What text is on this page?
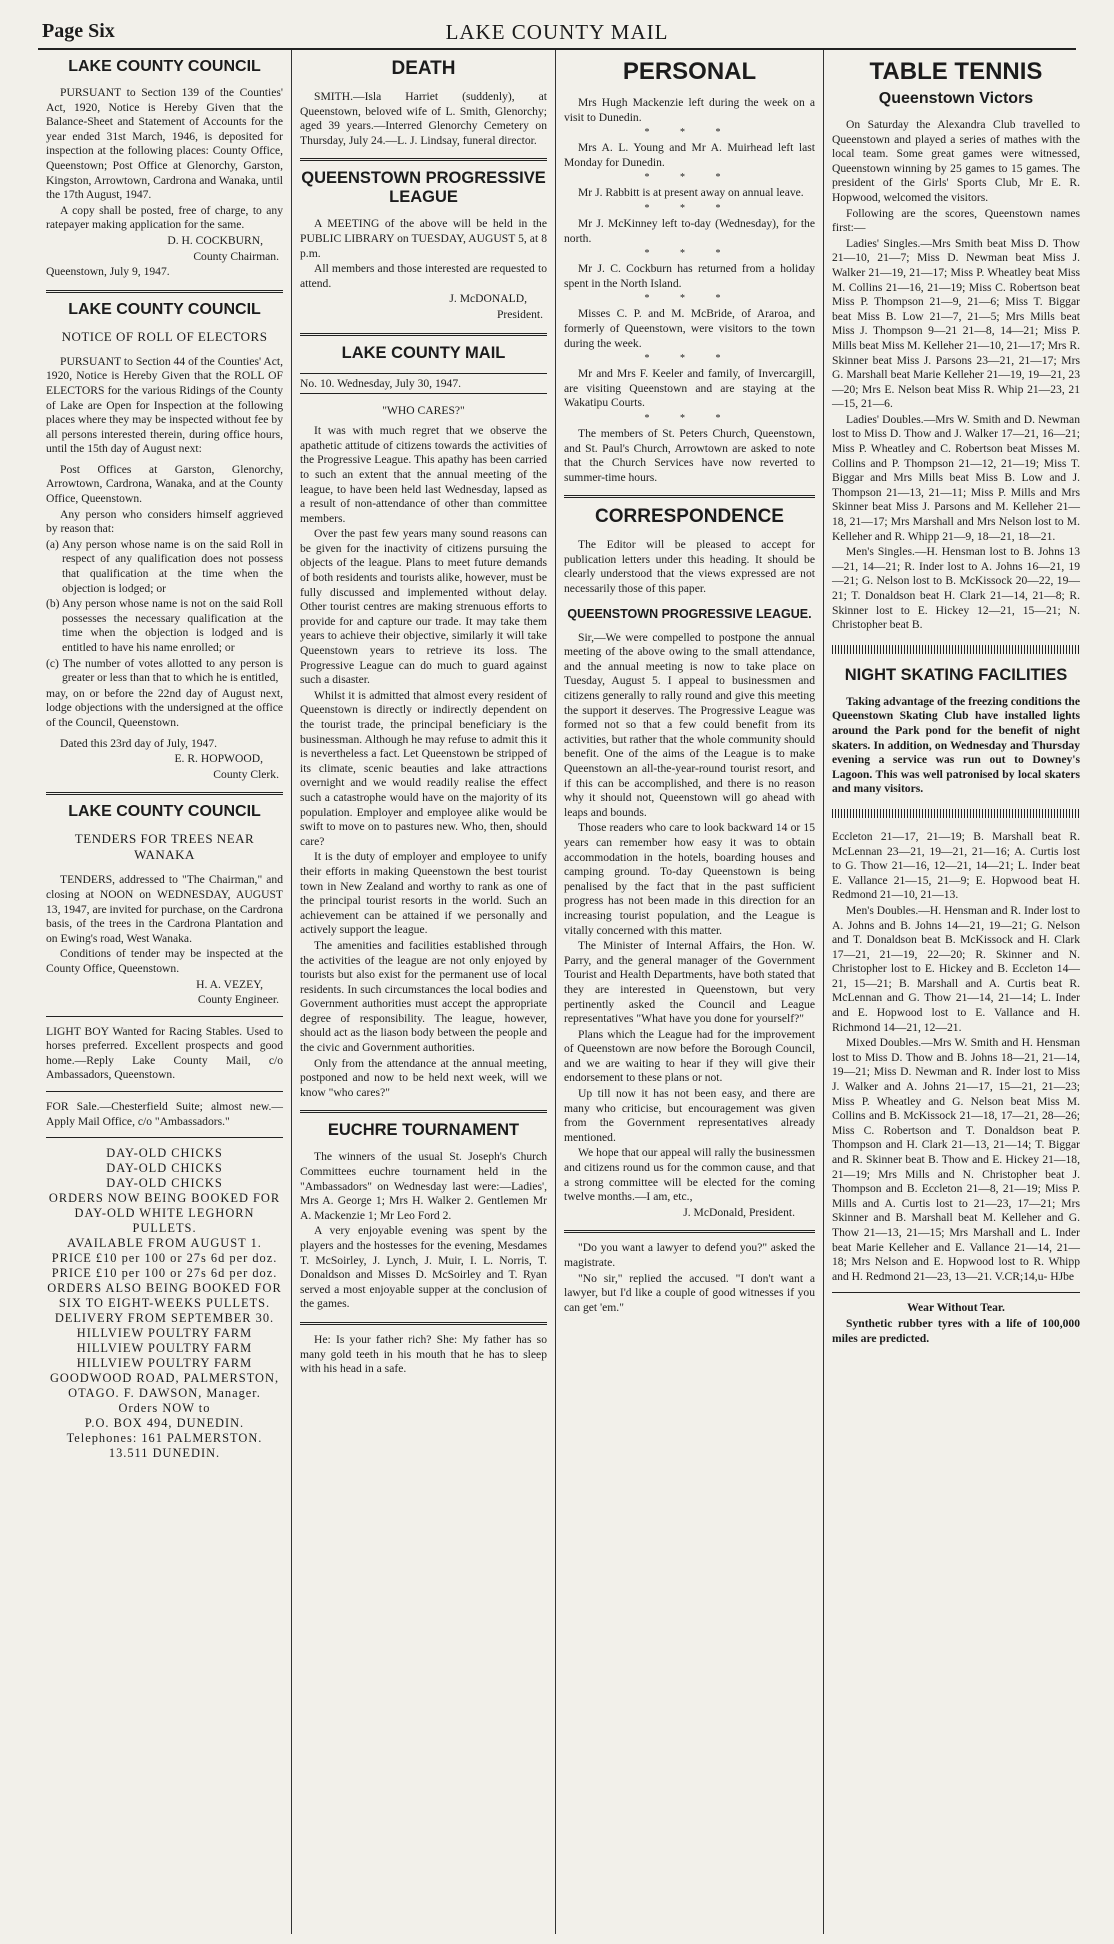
Page Six	LAKE COUNTY MAIL
LAKE COUNTY COUNCIL

PURSUANT to Section 139 of the Counties' Act, 1920, Notice is Hereby Given that the Balance-Sheet and Statement of Accounts for the year ended 31st March, 1946, is deposited for inspection at the following places: County Office, Queenstown; Post Office at Glenorchy, Garston, Kingston, Arrowtown, Cardrona and Wanaka, until the 17th August, 1947.

A copy shall be posted, free of charge, to any ratepayer making application for the same.

D. H. COCKBURN,

County Chairman.

Queenstown, July 9, 1947.

LAKE COUNTY COUNCIL
NOTICE OF ROLL OF ELECTORS

PURSUANT to Section 44 of the Counties' Act, 1920, Notice is Hereby Given that the ROLL OF ELECTORS for the various Ridings of the County of Lake are Open for Inspection at the following places where they may be inspected without fee by all persons interested therein, during office hours, until the 15th day of August next:

Post Offices at Garston, Glenorchy, Arrowtown, Cardrona, Wanaka, and at the County Office, Queenstown.

Any person who considers himself aggrieved by reason that:

(a) Any person whose name is on the said Roll in respect of any qualification does not possess that qualification at the time when the objection is lodged; or

(b) Any person whose name is not on the said Roll possesses the necessary qualification at the time when the objection is lodged and is entitled to have his name enrolled; or

(c) The number of votes allotted to any person is greater or less than that to which he is entitled,

may, on or before the 22nd day of August next, lodge objections with the undersigned at the office of the Council, Queenstown.

Dated this 23rd day of July, 1947.

E. R. HOPWOOD,

County Clerk.

LAKE COUNTY COUNCIL
TENDERS FOR TREES NEAR WANAKA

TENDERS, addressed to "The Chairman," and closing at NOON on WEDNESDAY, AUGUST 13, 1947, are invited for purchase, on the Cardrona basis, of the trees in the Cardrona Plantation and on Ewing's road, West Wanaka.

Conditions of tender may be inspected at the County Office, Queenstown.

H. A. VEZEY,

County Engineer.

LIGHT BOY Wanted for Racing Stables. Used to horses preferred. Excellent prospects and good home.—Reply Lake County Mail, c/o Ambassadors, Queenstown.

FOR Sale.—Chesterfield Suite; almost new.—Apply Mail Office, c/o "Ambassadors."

DAY-OLD CHICKS
DAY-OLD CHICKS
DAY-OLD CHICKS
ORDERS NOW BEING BOOKED FOR
DAY-OLD WHITE LEGHORN
PULLETS.
AVAILABLE FROM AUGUST 1.
PRICE £10 per 100 or 27s 6d per doz.
PRICE £10 per 100 or 27s 6d per doz.
ORDERS ALSO BEING BOOKED FOR
SIX TO EIGHT-WEEKS PULLETS.
DELIVERY FROM SEPTEMBER 30.
HILLVIEW POULTRY FARM
HILLVIEW POULTRY FARM
HILLVIEW POULTRY FARM
GOODWOOD ROAD, PALMERSTON,
OTAGO. F. DAWSON, Manager.
Orders NOW to
P.O. BOX 494, DUNEDIN.
Telephones: 161 PALMERSTON.
13.511 DUNEDIN.
DEATH

SMITH.—Isla Harriet (suddenly), at Queenstown, beloved wife of L. Smith, Glenorchy; aged 39 years.—Interred Glenorchy Cemetery on Thursday, July 24.—L. J. Lindsay, funeral director.

QUEENSTOWN PROGRESSIVE LEAGUE

A MEETING of the above will be held in the PUBLIC LIBRARY on TUESDAY, AUGUST 5, at 8 p.m.

All members and those interested are requested to attend.

J. McDONALD,

President.

LAKE COUNTY MAIL
No. 10. Wednesday, July 30, 1947.

"WHO CARES?"

It was with much regret that we observe the apathetic attitude of citizens towards the activities of the Progressive League. This apathy has been carried to such an extent that the annual meeting of the league, to have been held last Wednesday, lapsed as a result of non-attendance of other than committee members.

Over the past few years many sound reasons can be given for the inactivity of citizens pursuing the objects of the league. Plans to meet future demands of both residents and tourists alike, however, must be fully discussed and implemented without delay. Other tourist centres are making strenuous efforts to provide for and capture our trade. It may take them years to achieve their objective, similarly it will take Queenstown years to retrieve its loss. The Progressive League can do much to guard against such a disaster.

Whilst it is admitted that almost every resident of Queenstown is directly or indirectly dependent on the tourist trade, the principal beneficiary is the businessman. Although he may refuse to admit this it is nevertheless a fact. Let Queenstown be stripped of its climate, scenic beauties and lake attractions overnight and we would readily realise the effect such a catastrophe would have on the majority of its population. Employer and employee alike would be swift to move on to pastures new. Who, then, should care?

It is the duty of employer and employee to unify their efforts in making Queenstown the best tourist town in New Zealand and worthy to rank as one of the principal tourist resorts in the world. Such an achievement can be attained if we personally and actively support the league.

The amenities and facilities established through the activities of the league are not only enjoyed by tourists but also exist for the permanent use of local residents. In such circumstances the local bodies and Government authorities must accept the appropriate degree of responsibility. The league, however, should act as the liason body between the people and the civic and Government authorities.

Only from the attendance at the annual meeting, postponed and now to be held next week, will we know "who cares?"

EUCHRE TOURNAMENT

The winners of the usual St. Joseph's Church Committees euchre tournament held in the "Ambassadors" on Wednesday last were:—Ladies', Mrs A. George 1; Mrs H. Walker 2. Gentlemen Mr A. Mackenzie 1; Mr Leo Ford 2.

A very enjoyable evening was spent by the players and the hostesses for the evening, Mesdames T. McSoirley, J. Lynch, J. Muir, I. L. Norris, T. Donaldson and Misses D. McSoirley and T. Ryan served a most enjoyable supper at the conclusion of the games.

He: Is your father rich? She: My father has so many gold teeth in his mouth that he has to sleep with his head in a safe.

PERSONAL

Mrs Hugh Mackenzie left during the week on a visit to Dunedin.

* * *

Mrs A. L. Young and Mr A. Muirhead left last Monday for Dunedin.

* * *

Mr J. Rabbitt is at present away on annual leave.

* * *

Mr J. McKinney left to-day (Wednesday), for the north.

* * *

Mr J. C. Cockburn has returned from a holiday spent in the North Island.

* * *

Misses C. P. and M. McBride, of Araroa, and formerly of Queenstown, were visitors to the town during the week.

* * *

Mr and Mrs F. Keeler and family, of Invercargill, are visiting Queenstown and are staying at the Wakatipu Courts.

* * *

The members of St. Peters Church, Queenstown, and St. Paul's Church, Arrowtown are asked to note that the Church Services have now reverted to summer-time hours.

CORRESPONDENCE

The Editor will be pleased to accept for publication letters under this heading. It should be clearly understood that the views expressed are not necessarily those of this paper.

QUEENSTOWN PROGRESSIVE LEAGUE.

Sir,—We were compelled to postpone the annual meeting of the above owing to the small attendance, and the annual meeting is now to take place on Tuesday, August 5. I appeal to businessmen and citizens generally to rally round and give this meeting the support it deserves. The Progressive League was formed not so that a few could benefit from its activities, but rather that the whole community should benefit. One of the aims of the League is to make Queenstown an all-the-year-round tourist resort, and if this can be accomplished, and there is no reason why it should not, Queenstown will go ahead with leaps and bounds.

Those readers who care to look backward 14 or 15 years can remember how easy it was to obtain accommodation in the hotels, boarding houses and camping ground. To-day Queenstown is being penalised by the fact that in the past sufficient progress has not been made in this direction for an increasing tourist population, and the League is vitally concerned with this matter.

The Minister of Internal Affairs, the Hon. W. Parry, and the general manager of the Government Tourist and Health Departments, have both stated that they are interested in Queenstown, but very pertinently asked the Council and League representatives "What have you done for yourself?"

Plans which the League had for the improvement of Queenstown are now before the Borough Council, and we are waiting to hear if they will give their endorsement to these plans or not.

Up till now it has not been easy, and there are many who criticise, but encouragement was given from the Government representatives already mentioned.

We hope that our appeal will rally the businessmen and citizens round us for the common cause, and that a strong committee will be elected for the coming twelve months.—I am, etc.,

J. McDonald, President.

"Do you want a lawyer to defend you?" asked the magistrate.

"No sir," replied the accused. "I don't want a lawyer, but I'd like a couple of good witnesses if you can get 'em."

TABLE TENNIS
Queenstown Victors

On Saturday the Alexandra Club travelled to Queenstown and played a series of mathes with the local team. Some great games were witnessed, Queenstown winning by 25 games to 15 games. The president of the Girls' Sports Club, Mr E. R. Hopwood, welcomed the visitors.

Following are the scores, Queenstown names first:—

Ladies' Singles.—Mrs Smith beat Miss D. Thow 21—10, 21—7; Miss D. Newman beat Miss J. Walker 21—19, 21—17; Miss P. Wheatley beat Miss M. Collins 21—16, 21—19; Miss C. Robertson beat Miss P. Thompson 21—9, 21—6; Miss T. Biggar beat Miss B. Low 21—7, 21—5; Mrs Mills beat Miss J. Thompson 9—21 21—8, 14—21; Miss P. Mills beat Miss M. Kelleher 21—10, 21—17; Mrs R. Skinner beat Miss J. Parsons 23—21, 21—17; Mrs G. Marshall beat Marie Kelleher 21—19, 19—21, 23—20; Mrs E. Nelson beat Miss R. Whip 21—23, 21—15, 21—6.

Ladies' Doubles.—Mrs W. Smith and D. Newman lost to Miss D. Thow and J. Walker 17—21, 16—21; Miss P. Wheatley and C. Robertson beat Misses M. Collins and P. Thompson 21—12, 21—19; Miss T. Biggar and Mrs Mills beat Miss B. Low and J. Thompson 21—13, 21—11; Miss P. Mills and Mrs Skinner beat Miss J. Parsons and M. Kelleher 21—18, 21—17; Mrs Marshall and Mrs Nelson lost to M. Kelleher and R. Whipp 21—9, 18—21, 18—21.

Men's Singles.—H. Hensman lost to B. Johns 13—21, 14—21; R. Inder lost to A. Johns 16—21, 19—21; G. Nelson lost to B. McKissock 20—22, 19—21; T. Donaldson beat H. Clark 21—14, 21—8; R. Skinner lost to E. Hickey 12—21, 15—21; N. Christopher beat B.

NIGHT SKATING FACILITIES

Taking advantage of the freezing conditions the Queenstown Skating Club have installed lights around the Park pond for the benefit of night skaters. In addition, on Wednesday and Thursday evening a service was run out to Downey's Lagoon. This was well patronised by local skaters and many visitors.

Eccleton 21—17, 21—19; B. Marshall beat R. McLennan 23—21, 19—21, 21—16; A. Curtis lost to G. Thow 21—16, 12—21, 14—21; L. Inder beat E. Vallance 21—15, 21—9; E. Hopwood beat H. Redmond 21—10, 21—13.

Men's Doubles.—H. Hensman and R. Inder lost to A. Johns and B. Johns 14—21, 19—21; G. Nelson and T. Donaldson beat B. McKissock and H. Clark 17—21, 21—19, 22—20; R. Skinner and N. Christopher lost to E. Hickey and B. Eccleton 14—21, 15—21; B. Marshall and A. Curtis beat R. McLennan and G. Thow 21—14, 21—14; L. Inder and E. Hopwood lost to E. Vallance and H. Richmond 14—21, 12—21.

Mixed Doubles.—Mrs W. Smith and H. Hensman lost to Miss D. Thow and B. Johns 18—21, 21—14, 19—21; Miss D. Newman and R. Inder lost to Miss J. Walker and A. Johns 21—17, 15—21, 21—23; Miss P. Wheatley and G. Nelson beat Miss M. Collins and B. McKissock 21—18, 17—21, 28—26; Miss C. Robertson and T. Donaldson beat P. Thompson and H. Clark 21—13, 21—14; T. Biggar and R. Skinner beat B. Thow and E. Hickey 21—18, 21—19; Mrs Mills and N. Christopher beat J. Thompson and B. Eccleton 21—8, 21—19; Miss P. Mills and A. Curtis lost to 21—23, 17—21; Mrs Skinner and B. Marshall beat M. Kelleher and G. Thow 21—13, 21—15; Mrs Marshall and L. Inder beat Marie Kelleher and E. Vallance 21—14, 21—18; Mrs Nelson and E. Hopwood lost to R. Whipp and H. Redmond 21—23, 13—21. V.CR;14,u- HJbe

Wear Without Tear.

Synthetic rubber tyres with a life of 100,000 miles are predicted.
